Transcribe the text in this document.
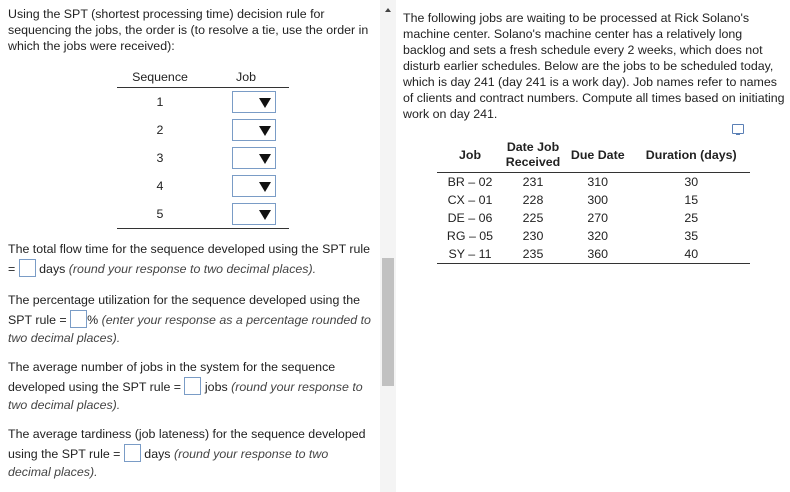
Using the SPT (shortest processing time) decision rule for sequencing the jobs, the order is (to resolve a tie, use the order in which the jobs were received):
Sequence	Job
1	

2	

3	

4	

5	
The total flow time for the sequence developed using the SPT rule = days (round your response to two decimal places).
The percentage utilization for the sequence developed using the SPT rule = % (enter your response as a percentage rounded to two decimal places).
The average number of jobs in the system for the sequence developed using the SPT rule = jobs (round your response to two decimal places).
The average tardiness (job lateness) for the sequence developed using the SPT rule = days (round your response to two decimal places).
The following jobs are waiting to be processed at Rick Solano's machine center. Solano's machine center has a relatively long backlog and sets a fresh schedule every 2 weeks, which does not disturb earlier schedules. Below are the jobs to be scheduled today, which is day 241 (day 241 is a work day). Job names refer to names of clients and contract numbers. Compute all times based on initiating work on day 241.
Job	Date Job Received	Due Date	Duration (days)
BR – 02	231	310	30
CX – 01	228	300	15
DE – 06	225	270	25
RG – 05	230	320	35
SY – 11	235	360	40
